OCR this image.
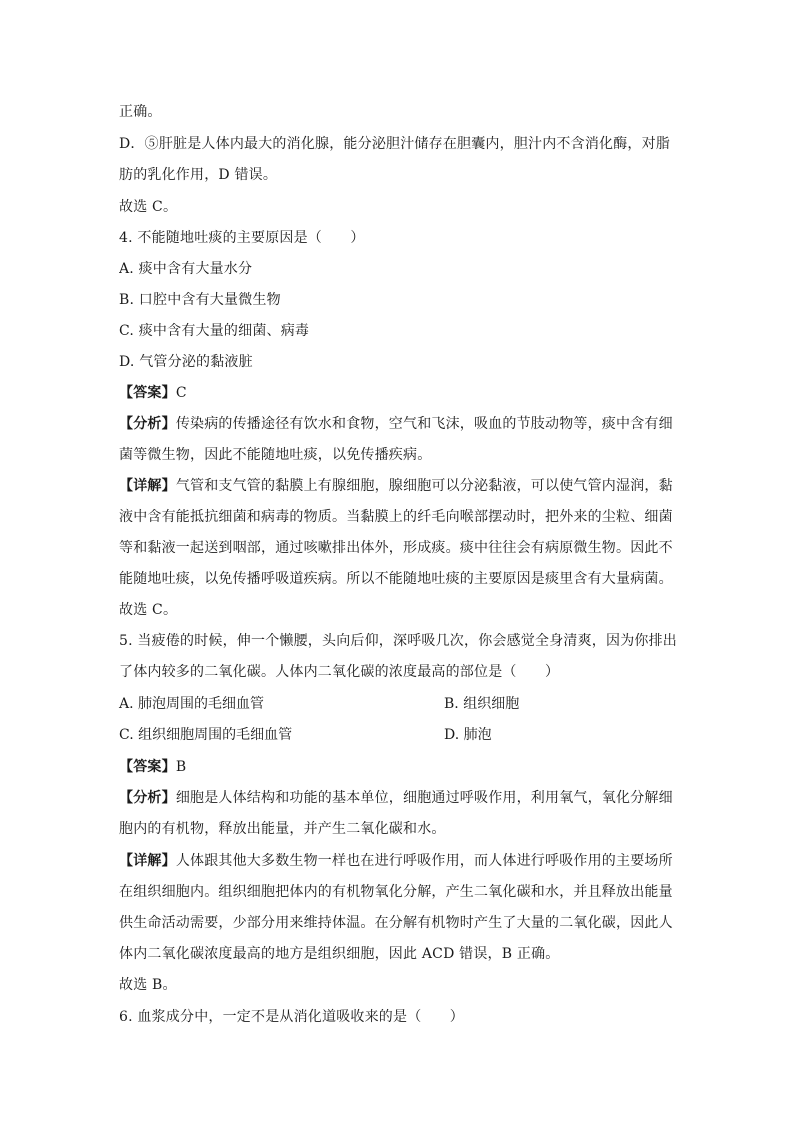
正确。
D．⑤肝脏是人体内最大的消化腺，能分泌胆汁储存在胆囊内，胆汁内不含消化酶，对脂
肪的乳化作用，D 错误。
故选 C。
4. 不能随地吐痰的主要原因是（　　）
A. 痰中含有大量水分
B. 口腔中含有大量微生物
C. 痰中含有大量的细菌、病毒
D. 气管分泌的黏液脏
【答案】C
【分析】传染病的传播途径有饮水和食物，空气和飞沫，吸血的节肢动物等，痰中含有细
菌等微生物，因此不能随地吐痰，以免传播疾病。
【详解】气管和支气管的黏膜上有腺细胞，腺细胞可以分泌黏液，可以使气管内湿润，黏
液中含有能抵抗细菌和病毒的物质。当黏膜上的纤毛向喉部摆动时，把外来的尘粒、细菌
等和黏液一起送到咽部，通过咳嗽排出体外，形成痰。痰中往往会有病原微生物。因此不
能随地吐痰，以免传播呼吸道疾病。所以不能随地吐痰的主要原因是痰里含有大量病菌。
故选 C。
5. 当疲倦的时候，伸一个懒腰，头向后仰，深呼吸几次，你会感觉全身清爽，因为你排出
了体内较多的二氧化碳。人体内二氧化碳的浓度最高的部位是（　　）
A. 肺泡周围的毛细血管	B. 组织细胞
C. 组织细胞周围的毛细血管	D. 肺泡
【答案】B
【分析】细胞是人体结构和功能的基本单位，细胞通过呼吸作用，利用氧气，氧化分解细
胞内的有机物，释放出能量，并产生二氧化碳和水。
【详解】人体跟其他大多数生物一样也在进行呼吸作用，而人体进行呼吸作用的主要场所
在组织细胞内。组织细胞把体内的有机物氧化分解，产生二氧化碳和水，并且释放出能量
供生命活动需要，少部分用来维持体温。在分解有机物时产生了大量的二氧化碳，因此人
体内二氧化碳浓度最高的地方是组织细胞，因此 ACD 错误，B 正确。
故选 B。
6. 血浆成分中，一定不是从消化道吸收来的是（　　）
